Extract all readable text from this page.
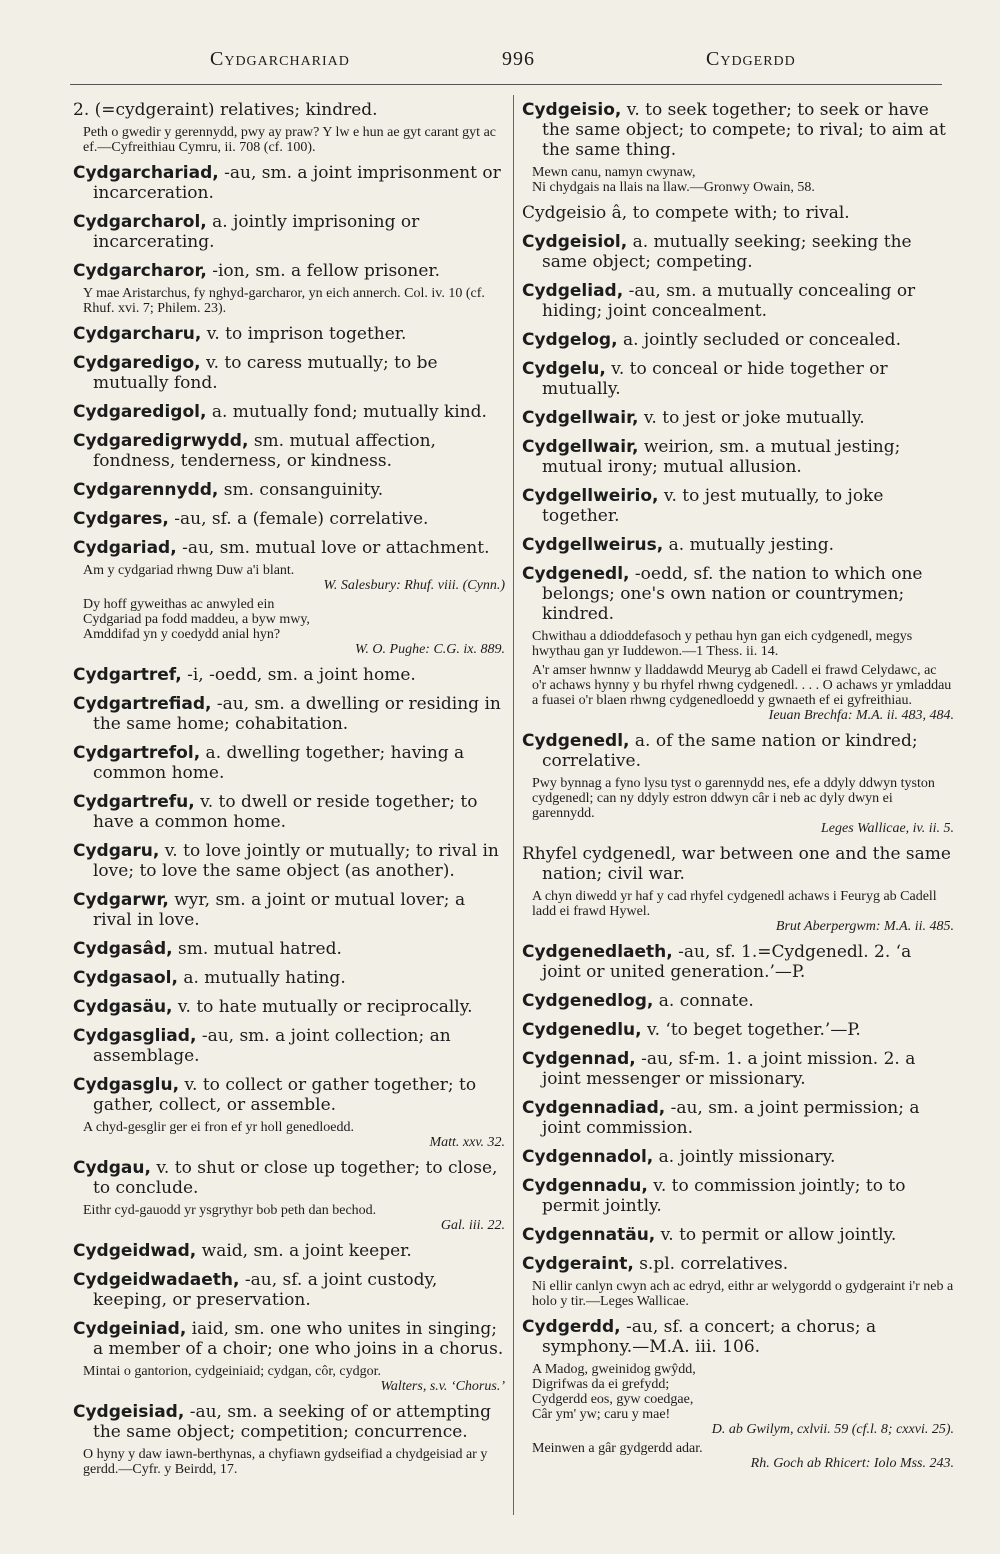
Cydgarchariad	996	Cydgerdd
2. (=cydgeraint) relatives; kindred.

Peth o gwedir y gerennydd, pwy ay praw? Y lw e hun ae gyt carant gyt ac ef.—Cyfreithiau Cymru, ii. 708 (cf. 100).

Cydgarchariad, -au, sm. a joint imprisonment or incarceration.
Cydgarcharol, a. jointly imprisoning or incarcerating.
Cydgarcharor, -ion, sm. a fellow prisoner.

Y mae Aristarchus, fy nghyd-garcharor, yn eich annerch. Col. iv. 10 (cf. Rhuf. xvi. 7; Philem. 23).

Cydgarcharu, v. to imprison together.
Cydgaredigo, v. to caress mutually; to be mutually fond.
Cydgaredigol, a. mutually fond; mutually kind.
Cydgaredigrwydd, sm. mutual affection, fondness, tenderness, or kindness.
Cydgarennydd, sm. consanguinity.
Cydgares, -au, sf. a (female) correlative.
Cydgariad, -au, sm. mutual love or attachment.

Am y cydgariad rhwng Duw a'i blant.

W. Salesbury: Rhuf. viii. (Cynn.)

Dy hoff gyweithas ac anwyled ein

Cydgariad pa fodd maddeu, a byw mwy,

Amddifad yn y coedydd anial hyn?

W. O. Pughe: C.G. ix. 889.

Cydgartref, -i, -oedd, sm. a joint home.
Cydgartrefiad, -au, sm. a dwelling or residing in the same home; cohabitation.
Cydgartrefol, a. dwelling together; having a common home.
Cydgartrefu, v. to dwell or reside together; to have a common home.
Cydgaru, v. to love jointly or mutually; to rival in love; to love the same object (as another).
Cydgarwr, wyr, sm. a joint or mutual lover; a rival in love.
Cydgasâd, sm. mutual hatred.
Cydgasaol, a. mutually hating.
Cydgasäu, v. to hate mutually or reciprocally.
Cydgasgliad, -au, sm. a joint collection; an assemblage.
Cydgasglu, v. to collect or gather together; to gather, collect, or assemble.

A chyd-gesglir ger ei fron ef yr holl genedloedd.

Matt. xxv. 32.

Cydgau, v. to shut or close up together; to close, to conclude.

Eithr cyd-gauodd yr ysgrythyr bob peth dan bechod.

Gal. iii. 22.

Cydgeidwad, waid, sm. a joint keeper.
Cydgeidwadaeth, -au, sf. a joint custody, keeping, or preservation.
Cydgeiniad, iaid, sm. one who unites in singing; a member of a choir; one who joins in a chorus.

Mintai o gantorion, cydgeiniaid; cydgan, côr, cydgor.

Walters, s.v. ‘Chorus.’

Cydgeisiad, -au, sm. a seeking of or attempting the same object; competition; concurrence.

O hyny y daw iawn-berthynas, a chyfiawn gydseifiad a chydgeisiad ar y gerdd.—Cyfr. y Beirdd, 17.

Cydgeisio, v. to seek together; to seek or have the same object; to compete; to rival; to aim at the same thing.

Mewn canu, namyn cwynaw,

Ni chydgais na llais na llaw.—Gronwy Owain, 58.

Cydgeisio â, to compete with; to rival.
Cydgeisiol, a. mutually seeking; seeking the same object; competing.
Cydgeliad, -au, sm. a mutually concealing or hiding; joint concealment.
Cydgelog, a. jointly secluded or concealed.
Cydgelu, v. to conceal or hide together or mutually.
Cydgellwair, v. to jest or joke mutually.
Cydgellwair, weirion, sm. a mutual jesting; mutual irony; mutual allusion.
Cydgellweirio, v. to jest mutually, to joke together.
Cydgellweirus, a. mutually jesting.
Cydgenedl, -oedd, sf. the nation to which one belongs; one's own nation or countrymen; kindred.

Chwithau a ddioddefasoch y pethau hyn gan eich cydgenedl, megys hwythau gan yr Iuddewon.—1 Thess. ii. 14.

A'r amser hwnnw y lladdawdd Meuryg ab Cadell ei frawd Celydawc, ac o'r achaws hynny y bu rhyfel rhwng cydgenedl. . . . O achaws yr ymladdau a fuasei o'r blaen rhwng cydgenedloedd y gwnaeth ef ei gyfreithiau.

Ieuan Brechfa: M.A. ii. 483, 484.

Cydgenedl, a. of the same nation or kindred; correlative.

Pwy bynnag a fyno lysu tyst o garennydd nes, efe a ddyly ddwyn tyston cydgenedl; can ny ddyly estron ddwyn câr i neb ac dyly dwyn ei garennydd.

Leges Wallicae, iv. ii. 5.

Rhyfel cydgenedl, war between one and the same nation; civil war.

A chyn diwedd yr haf y cad rhyfel cydgenedl achaws i Feuryg ab Cadell ladd ei frawd Hywel.

Brut Aberpergwm: M.A. ii. 485.

Cydgenedlaeth, -au, sf. 1.=Cydgenedl. 2. ‘a joint or united generation.’—P.
Cydgenedlog, a. connate.
Cydgenedlu, v. ‘to beget together.’—P.
Cydgennad, -au, sf-m. 1. a joint mission. 2. a joint messenger or missionary.
Cydgennadiad, -au, sm. a joint permission; a joint commission.
Cydgennadol, a. jointly missionary.
Cydgennadu, v. to commission jointly; to to permit jointly.
Cydgennatäu, v. to permit or allow jointly.
Cydgeraint, s.pl. correlatives.

Ni ellir canlyn cwyn ach ac edryd, eithr ar welygordd o gydgeraint i'r neb a holo y tir.—Leges Wallicae.

Cydgerdd, -au, sf. a concert; a chorus; a symphony.—M.A. iii. 106.

A Madog, gweinidog gwŷdd,

Digrifwas da ei grefydd;

Cydgerdd eos, gyw coedgae,

Câr ym' yw; caru y mae!

D. ab Gwilym, cxlvii. 59 (cf.l. 8; cxxvi. 25).

Meinwen a gâr gydgerdd adar.

Rh. Goch ab Rhicert: Iolo Mss. 243.
